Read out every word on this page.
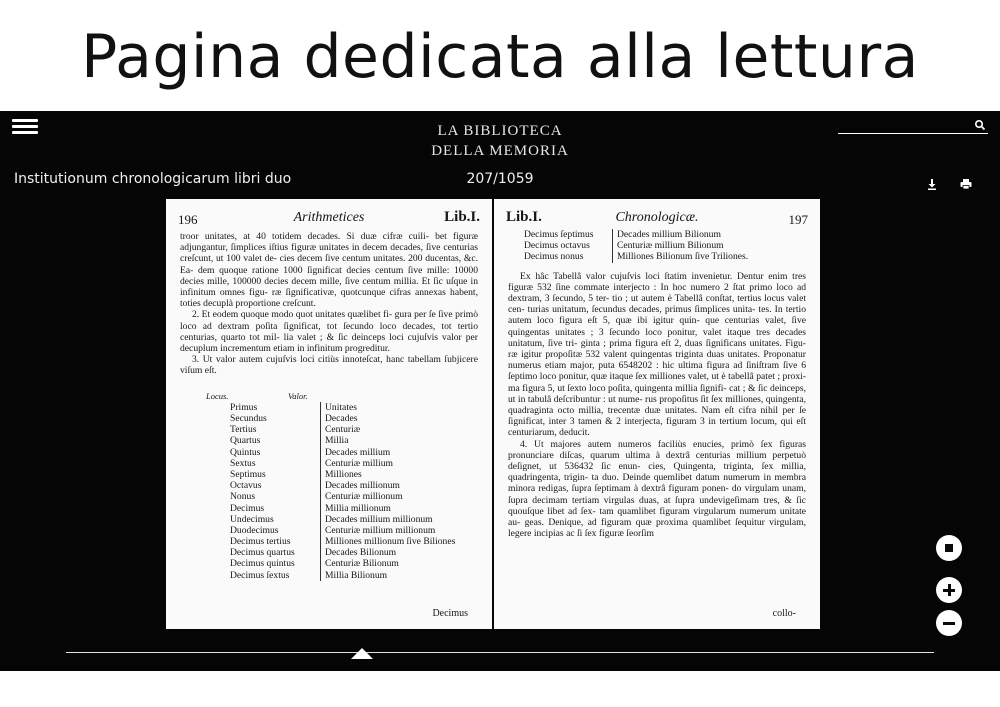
Pagina dedicata alla lettura
LA BIBLIOTECA
DELLA MEMORIA
Institutionum chronologicarum libri duo	207/1059
196	Arithmetices	Lib.I.

troor unitates, at 40 totidem decades. Si duæ cifræ cuili- bet figuræ adjungantur, ſimplices iſtius figuræ unitates in decem decades, ſive centurias creſcunt, ut 100 valet de- cies decem ſive centum unitates. 200 ducentas, &c. Ea- dem quoque ratione 1000 ſignificat decies centum ſive mille: 10000 decies mille, 100000 decies decem mille, ſive centum millia. Et ſic uſque in infinitum omnes figu- ræ ſignificativæ, quotcunque cifras annexas habent, toties decuplà proportione creſcunt.

2. Et eodem quoque modo quot unitates quælibet fi- gura per ſe ſive primò loco ad dextram poſita ſignificat, tot ſecundo loco decades, tot tertio centurias, quarto tot mil- lia valet ; & ſic deinceps loci cujuſvis valor per decuplum incrementum etiam in infinitum progreditur.

3. Ut valor autem cujuſvis loci citiùs innoteſcat, hanc tabellam ſubjicere viſum eſt.

Locus.	Valor.
Primus	Unitates
Secundus	Decades
Tertius	Centuriæ
Quartus	Millia
Quintus	Decades millium
Sextus	Centuriæ millium
Septimus	Milliones
Octavus	Decades millionum
Nonus	Centuriæ millionum
Decimus	Millia millionum
Undecimus	Decades millium millionum
Duodecimus	Centuriæ millium millionum
Decimus tertius	Milliones millionum ſive Biliones
Decimus quartus	Decades Bilionum
Decimus quintus	Centuriæ Bilionum
Decimus ſextus	Millia Bilionum
Decimus
Lib.I.	Chronologicæ.	197
Decimus ſeptimus	Decades millium Bilionum
Decimus octavus	Centuriæ millium Bilionum
Decimus nonus	Milliones Bilionum ſive Triliones.

Ex hâc Tabellâ valor cujuſvis loci ſtatim invenietur. Dentur enim tres figuræ 532 ſine commate interjecto : In hoc numero 2 ſtat primo loco ad dextram, 3 ſecundo, 5 ter- tio ; ut autem è Tabellâ conſtat, tertius locus valet cen- turias unitatum, ſecundus decades, primus ſimplices unita- tes. In tertio autem loco figura eſt 5, quæ ibi igitur quin- que centurias valet, ſive quingentas unitates ; 3 ſecundo loco ponitur, valet itaque tres decades unitatum, ſive tri- ginta ; prima figura eſt 2, duas ſignificans unitates. Figu- ræ igitur propoſitæ 532 valent quingentas triginta duas unitates. Proponatur numerus etiam major, puta 6548202 : hic ultima figura ad ſiniſtram ſive 6 ſeptimo loco ponitur, quæ itaque ſex milliones valet, ut è tabellâ patet ; proxi- ma figura 5, ut ſexto loco poſita, quingenta millia ſignifi- cat ; & ſic deinceps, ut in tabulâ deſcribuntur : ut nume- rus propoſitus ſit ſex milliones, quingenta, quadraginta octo millia, trecentæ duæ unitates. Nam eſt cifra nihil per ſe ſignificat, inter 3 tamen & 2 interjecta, figuram 3 in tertium locum, qui eſt centuriarum, deducit.

4. Ut majores autem numeros faciliùs enucies, primò ſex figuras pronunciare diſcas, quarum ultima à dextrâ centurias millium perpetuò deſignet, ut 536432 ſic enun- cies, Quingenta, triginta, ſex millia, quadringenta, trigin- ta duo. Deinde quemlibet datum numerum in membra minora redigas, ſupra ſeptimam à dextrâ figuram ponen- do virgulam unam, ſupra decimam tertiam virgulas duas, at ſupra undevigeſimam tres, & ſic quouſque libet ad ſex- tam quamlibet figuram virgularum numerum unitate au- geas. Denique, ad figuram quæ proxima quamlibet ſequitur virgulam, legere incipias ac ſi ſex figuræ ſeorſim

collo-
